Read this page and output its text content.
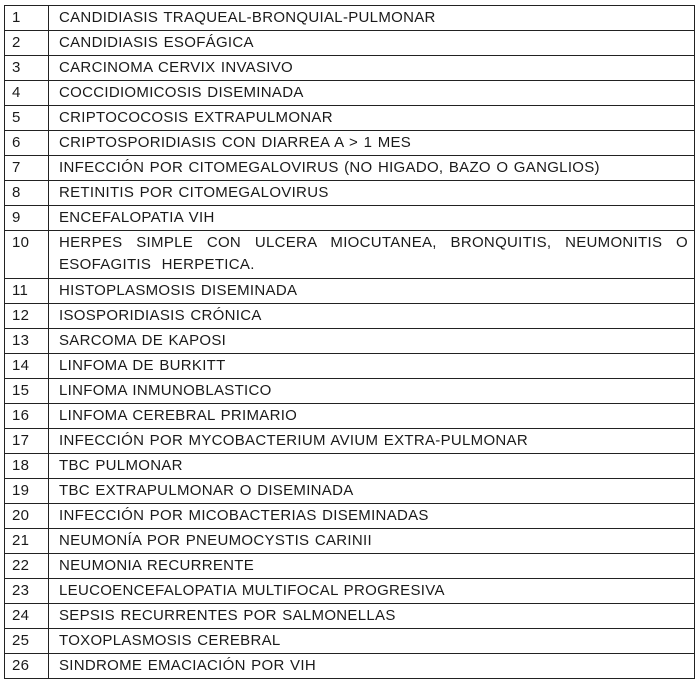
1	CANDIDIASIS TRAQUEAL-BRONQUIAL-PULMONAR
2	CANDIDIASIS ESOFÁGICA
3	CARCINOMA CERVIX INVASIVO
4	COCCIDIOMICOSIS DISEMINADA
5	CRIPTOCOCOSIS EXTRAPULMONAR
6	CRIPTOSPORIDIASIS CON DIARREA A > 1 MES
7	INFECCIÓN POR CITOMEGALOVIRUS (NO HIGADO, BAZO O GANGLIOS)
8	RETINITIS POR CITOMEGALOVIRUS
9	ENCEFALOPATIA VIH
10	HERPES SIMPLE CON ULCERA MIOCUTANEA, BRONQUITIS, NEUMONITIS O ESOFAGITIS HERPETICA.
11	HISTOPLASMOSIS DISEMINADA
12	ISOSPORIDIASIS CRÓNICA
13	SARCOMA DE KAPOSI
14	LINFOMA DE BURKITT
15	LINFOMA INMUNOBLASTICO
16	LINFOMA CEREBRAL PRIMARIO
17	INFECCIÓN POR MYCOBACTERIUM AVIUM EXTRA-PULMONAR
18	TBC PULMONAR
19	TBC EXTRAPULMONAR O DISEMINADA
20	INFECCIÓN POR MICOBACTERIAS DISEMINADAS
21	NEUMONÍA POR PNEUMOCYSTIS CARINII
22	NEUMONIA RECURRENTE
23	LEUCOENCEFALOPATIA MULTIFOCAL PROGRESIVA
24	SEPSIS RECURRENTES POR SALMONELLAS
25	TOXOPLASMOSIS CEREBRAL
26	SINDROME EMACIACIÓN POR VIH
